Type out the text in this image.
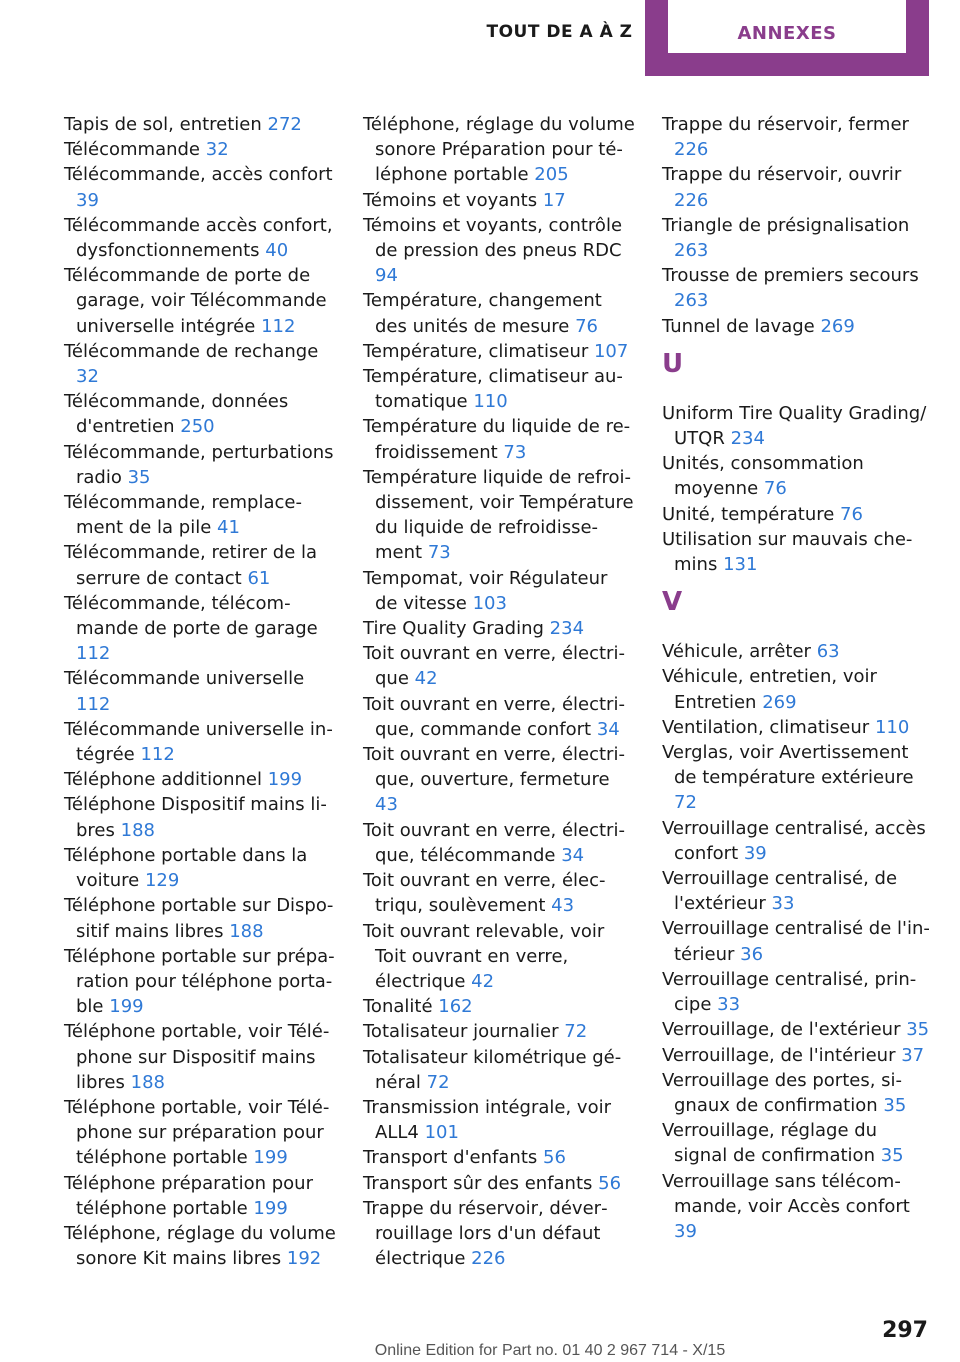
TOUT DE A À Z	ANNEXES
Tapis de sol, entretien 272
Télécommande 32
Télécommande, accès confort 39
Télécommande accès confort, dysfonctionnements 40
Télécommande de porte de garage, voir Télécommande universelle intégrée 112
Télécommande de rechange 32
Télécommande, données d'entretien 250
Télécommande, perturbations radio 35
Télécommande, remplacement de la pile 41
Télécommande, retirer de la serrure de contact 61
Télécommande, télécommande de porte de garage 112
Télécommande universelle 112
Télécommande universelle intégrée 112
Téléphone additionnel 199
Téléphone Dispositif mains libres 188
Téléphone portable dans la voiture 129
Téléphone portable sur Dispositif mains libres 188
Téléphone portable sur préparation pour téléphone portable 199
Téléphone portable, voir Téléphone sur Dispositif mains libres 188
Téléphone portable, voir Téléphone sur préparation pour téléphone portable 199
Téléphone préparation pour téléphone portable 199
Téléphone, réglage du volume sonore Kit mains libres 192
Téléphone, réglage du volume sonore Préparation pour téléphone portable 205
Témoins et voyants 17
Témoins et voyants, contrôle de pression des pneus RDC 94
Température, changement des unités de mesure 76
Température, climatiseur 107
Température, climatiseur automatique 110
Température du liquide de refroidissement 73
Température liquide de refroidissement, voir Température du liquide de refroidissement 73
Tempomat, voir Régulateur de vitesse 103
Tire Quality Grading 234
Toit ouvrant en verre, électrique 42
Toit ouvrant en verre, électrique, commande confort 34
Toit ouvrant en verre, électrique, ouverture, fermeture 43
Toit ouvrant en verre, électrique, télécommande 34
Toit ouvrant en verre, électriqu, soulèvement 43
Toit ouvrant relevable, voir Toit ouvrant en verre, électrique 42
Tonalité 162
Totalisateur journalier 72
Totalisateur kilométrique général 72
Transmission intégrale, voir ALL4 101
Transport d'enfants 56
Transport sûr des enfants 56
Trappe du réservoir, déverrouillage lors d'un défaut électrique 226
Trappe du réservoir, fermer 226
Trappe du réservoir, ouvrir 226
Triangle de présignalisation 263
Trousse de premiers secours 263
Tunnel de lavage 269
U
Uniform Tire Quality Grading/ UTQR 234
Unités, consommation moyenne 76
Unité, température 76
Utilisation sur mauvais chemins 131
V
Véhicule, arrêter 63
Véhicule, entretien, voir Entretien 269
Ventilation, climatiseur 110
Verglas, voir Avertissement de température extérieure 72
Verrouillage centralisé, accès confort 39
Verrouillage centralisé, de l'extérieur 33
Verrouillage centralisé de l'intérieur 36
Verrouillage centralisé, principe 33
Verrouillage, de l'extérieur 35
Verrouillage, de l'intérieur 37
Verrouillage des portes, signaux de confirmation 35
Verrouillage, réglage du signal de confirmation 35
Verrouillage sans télécommande, voir Accès confort 39
297
Online Edition for Part no. 01 40 2 967 714 - X/15
